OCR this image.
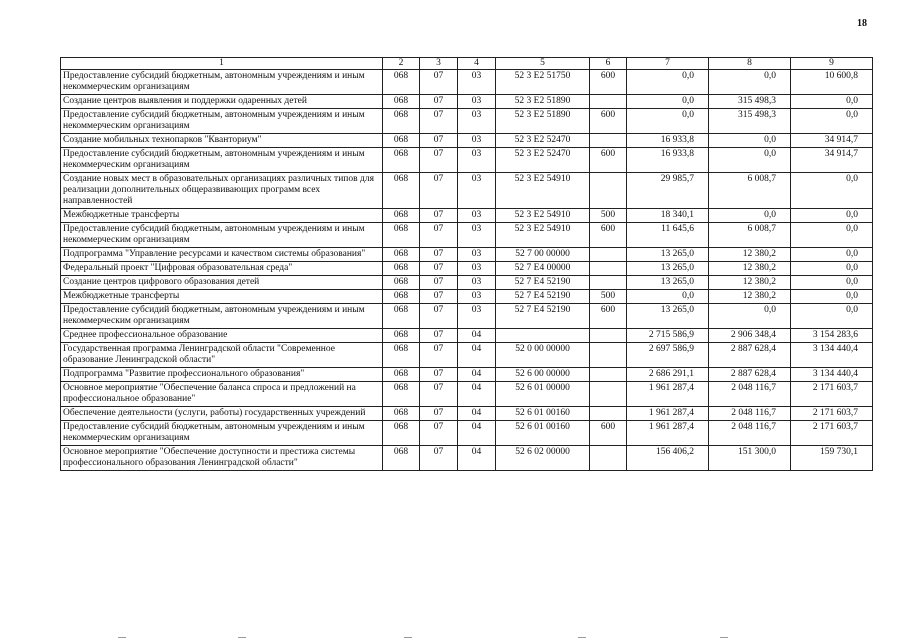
18
1	2	3	4	5	6	7	8	9
Предоставление субсидий бюджетным, автономным учреждениям и иным некоммерческим организациям	068	07	03	52 3 E2 51750	600	0,0	0,0	10 600,8
Создание центров выявления и поддержки одаренных детей	068	07	03	52 3 E2 51890		0,0	315 498,3	0,0
Предоставление субсидий бюджетным, автономным учреждениям и иным некоммерческим организациям	068	07	03	52 3 E2 51890	600	0,0	315 498,3	0,0
Создание мобильных технопарков "Кванториум"	068	07	03	52 3 E2 52470		16 933,8	0,0	34 914,7
Предоставление субсидий бюджетным, автономным учреждениям и иным некоммерческим организациям	068	07	03	52 3 E2 52470	600	16 933,8	0,0	34 914,7
Создание новых мест в образовательных организациях различных типов для реализации дополнительных общеразвивающих программ всех направленностей	068	07	03	52 3 E2 54910		29 985,7	6 008,7	0,0
Межбюджетные трансферты	068	07	03	52 3 E2 54910	500	18 340,1	0,0	0,0
Предоставление субсидий бюджетным, автономным учреждениям и иным некоммерческим организациям	068	07	03	52 3 E2 54910	600	11 645,6	6 008,7	0,0
Подпрограмма "Управление ресурсами и качеством системы образования"	068	07	03	52 7 00 00000		13 265,0	12 380,2	0,0
Федеральный проект "Цифровая образовательная среда"	068	07	03	52 7 E4 00000		13 265,0	12 380,2	0,0
Создание центров цифрового образования детей	068	07	03	52 7 E4 52190		13 265,0	12 380,2	0,0
Межбюджетные трансферты	068	07	03	52 7 E4 52190	500	0,0	12 380,2	0,0
Предоставление субсидий бюджетным, автономным учреждениям и иным некоммерческим организациям	068	07	03	52 7 E4 52190	600	13 265,0	0,0	0,0
Среднее профессиональное образование	068	07	04			2 715 586,9	2 906 348,4	3 154 283,6
Государственная программа Ленинградской области "Современное образование Ленинградской области"	068	07	04	52 0 00 00000		2 697 586,9	2 887 628,4	3 134 440,4
Подпрограмма "Развитие профессионального образования"	068	07	04	52 6 00 00000		2 686 291,1	2 887 628,4	3 134 440,4
Основное мероприятие "Обеспечение баланса спроса и предложений на профессиональное образование"	068	07	04	52 6 01 00000		1 961 287,4	2 048 116,7	2 171 603,7
Обеспечение деятельности (услуги, работы) государственных учреждений	068	07	04	52 6 01 00160		1 961 287,4	2 048 116,7	2 171 603,7
Предоставление субсидий бюджетным, автономным учреждениям и иным некоммерческим организациям	068	07	04	52 6 01 00160	600	1 961 287,4	2 048 116,7	2 171 603,7
Основное мероприятие "Обеспечение доступности и престижа системы профессионального образования Ленинградской области"	068	07	04	52 6 02 00000		156 406,2	151 300,0	159 730,1
